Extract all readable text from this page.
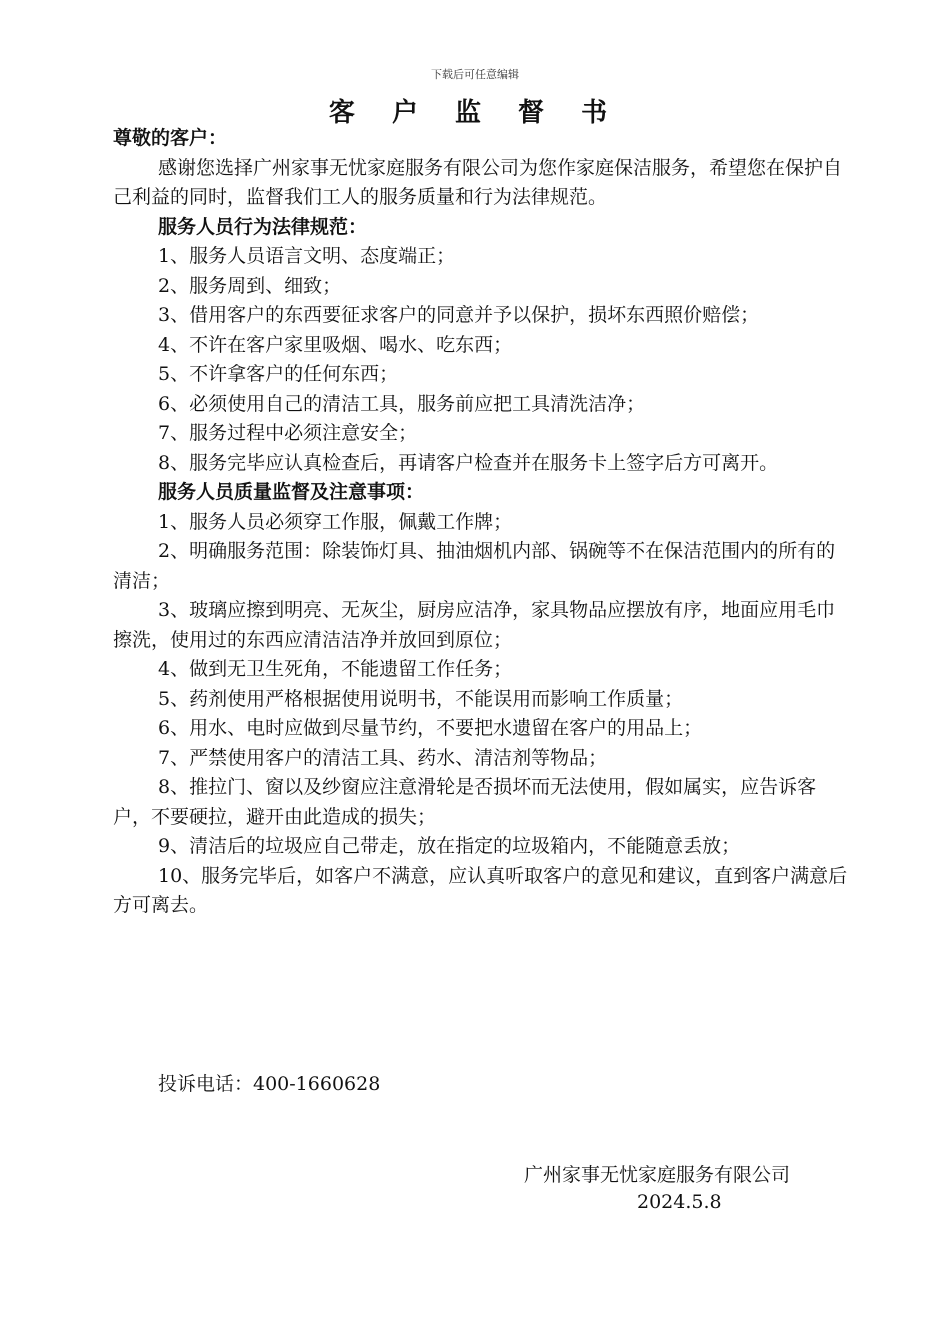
下载后可任意编辑
客 户 监 督 书

尊敬的客户：

感谢您选择广州家事无忧家庭服务有限公司为您作家庭保洁服务，希望您在保护自己利益的同时，监督我们工人的服务质量和行为法律规范。

服务人员行为法律规范：

1、服务人员语言文明、态度端正；

2、服务周到、细致；

3、借用客户的东西要征求客户的同意并予以保护，损坏东西照价赔偿；

4、不许在客户家里吸烟、喝水、吃东西；

5、不许拿客户的任何东西；

6、必须使用自己的清洁工具，服务前应把工具清洗洁净；

7、服务过程中必须注意安全；

8、服务完毕应认真检查后，再请客户检查并在服务卡上签字后方可离开。

服务人员质量监督及注意事项：

1、服务人员必须穿工作服，佩戴工作牌；

2、明确服务范围：除装饰灯具、抽油烟机内部、锅碗等不在保洁范围内的所有的清洁；

3、玻璃应擦到明亮、无灰尘，厨房应洁净，家具物品应摆放有序，地面应用毛巾擦洗，使用过的东西应清洁洁净并放回到原位；

4、做到无卫生死角，不能遗留工作任务；

5、药剂使用严格根据使用说明书，不能误用而影响工作质量；

6、用水、电时应做到尽量节约，不要把水遗留在客户的用品上；

7、严禁使用客户的清洁工具、药水、清洁剂等物品；

8、推拉门、窗以及纱窗应注意滑轮是否损坏而无法使用，假如属实，应告诉客户，不要硬拉，避开由此造成的损失；

9、清洁后的垃圾应自己带走，放在指定的垃圾箱内，不能随意丢放；

10、服务完毕后，如客户不满意，应认真听取客户的意见和建议，直到客户满意后方可离去。

投诉电话：400-1660628
广州家事无忧家庭服务有限公司
2024.5.8
